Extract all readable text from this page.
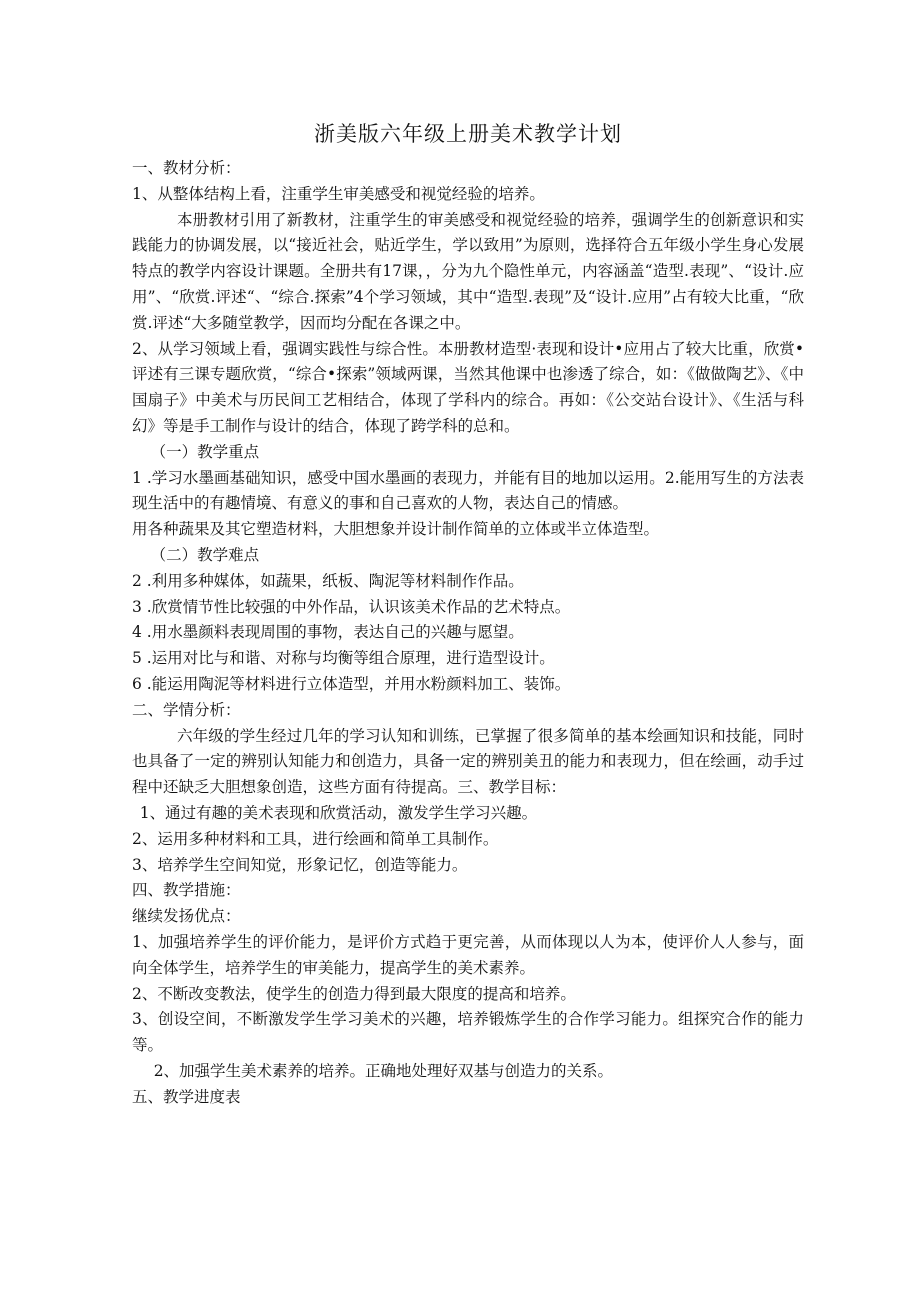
浙美版六年级上册美术教学计划

一、教材分析：

1、从整体结构上看，注重学生审美感受和视觉经验的培养。

本册教材引用了新教材，注重学生的审美感受和视觉经验的培养，强调学生的创新意识和实践能力的协调发展，以“接近社会，贴近学生，学以致用”为原则，选择符合五年级小学生身心发展特点的教学内容设计课题。全册共有17课，，分为九个隐性单元，内容涵盖“造型.表现”、“设计.应用”、“欣赏.评述“、“综合.探索”4个学习领域，其中“造型.表现”及“设计.应用”占有较大比重，“欣赏.评述“大多随堂教学，因而均分配在各课之中。

2、从学习领域上看，强调实践性与综合性。本册教材造型·表现和设计•应用占了较大比重，欣赏•评述有三课专题欣赏，“综合•探索”领域两课，当然其他课中也渗透了综合，如：《做做陶艺》、《中国扇子》中美术与历民间工艺相结合，体现了学科内的综合。再如：《公交站台设计》、《生活与科幻》等是手工制作与设计的结合，体现了跨学科的总和。

（一）教学重点

1 .学习水墨画基础知识，感受中国水墨画的表现力，并能有目的地加以运用。2.能用写生的方法表现生活中的有趣情境、有意义的事和自己喜欢的人物，表达自己的情感。

用各种蔬果及其它塑造材料，大胆想象并设计制作简单的立体或半立体造型。

（二）教学难点

2 .利用多种媒体，如蔬果，纸板、陶泥等材料制作作品。

3 .欣赏情节性比较强的中外作品，认识该美术作品的艺术特点。

4 .用水墨颜料表现周围的事物，表达自己的兴趣与愿望。

5 .运用对比与和谐、对称与均衡等组合原理，进行造型设计。

6 .能运用陶泥等材料进行立体造型，并用水粉颜料加工、装饰。

二、学情分析：

六年级的学生经过几年的学习认知和训练，已掌握了很多简单的基本绘画知识和技能，同时也具备了一定的辨别认知能力和创造力，具备一定的辨别美丑的能力和表现力，但在绘画，动手过程中还缺乏大胆想象创造，这些方面有待提高。三、教学目标：

1、通过有趣的美术表现和欣赏活动，激发学生学习兴趣。

2、运用多种材料和工具，进行绘画和简单工具制作。

3、培养学生空间知觉，形象记忆，创造等能力。

四、教学措施：

继续发扬优点：

1、加强培养学生的评价能力，是评价方式趋于更完善，从而体现以人为本，使评价人人参与，面向全体学生，培养学生的审美能力，提高学生的美术素养。

2、不断改变教法，使学生的创造力得到最大限度的提高和培养。

3、创设空间，不断激发学生学习美术的兴趣，培养锻炼学生的合作学习能力。组探究合作的能力等。

2、加强学生美术素养的培养。正确地处理好双基与创造力的关系。

五、教学进度表
